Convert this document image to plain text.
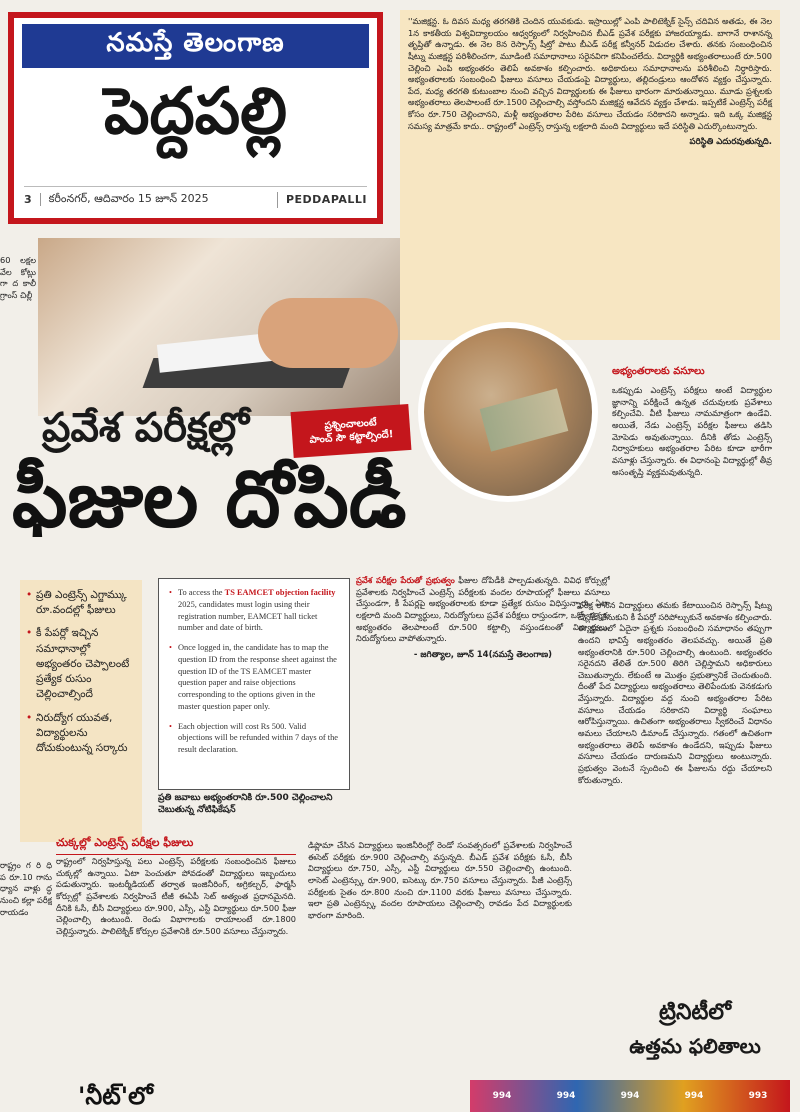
నమస్తే తెలంగాణ
పెద్దపల్లి
3	కరీంనగర్, ఆదివారం 15 జూన్ 2025	PEDDAPALLI

''మజిక్షన్ట. ఓ దివస మధ్య తరగతికి చెందిన యువకుడు. ఇస్రాయిల్లో ఎంపి పాలిటెక్నిక్ సైన్స్ చదివిన అతడు, ఈ నెల 1న కాకతీయ విశ్వవిద్యాలయం ఆధ్వర్యంలో నిర్వహించిన బీఎడ్ ప్రవేశ పరీక్షకు హాజరయ్యాడు. బాగానే రాశానన్న తృప్తితో ఉన్నాడు. ఈ నెల 8న రెస్పాన్స్ షీట్తో పాటు బీఎడ్ పరీక్ష కన్వీనర్ విడుదల చేశారు. తనకు సంబంధించిన షీట్ను మజిక్షన్ట పరిశీలించగా, మూడింటి సమాధానాలు సరైనవిగా కనిపించలేదు. విద్యార్థికి అభ్యంతరాలుంటే రూ.500 చెల్లించి ఎంపి అభ్యంతరం తెలిపే అవకాశం కల్పించారు. అధికారులు సమాధానాలను పరిశీలించి నిర్ధారిస్తారు. అభ్యంతరాలకు సంబంధించి ఫీజులు వసూలు చేయడంపై విద్యార్థులు, తల్లిదండ్రులు ఆందోళన వ్యక్తం చేస్తున్నారు. పేద, మధ్య తరగతి కుటుంబాల నుంచి వచ్చిన విద్యార్థులకు ఈ ఫీజులు భారంగా మారుతున్నాయి. మూడు ప్రశ్నలకు అభ్యంతరాలు తెలపాలంటే రూ.1500 చెల్లించాల్సి వస్తోందని మజిక్షన్ట ఆవేదన వ్యక్తం చేశాడు. ఇప్పటికే ఎంట్రెన్స్ పరీక్ష కోసం రూ.750 చెల్లించానని, మళ్లీ అభ్యంతరాల పేరిట వసూలు చేయడం సరికాదని అన్నాడు. ఇది ఒక్క మజిక్షన్ట సమస్య మాత్రమే కాదు.. రాష్ట్రంలో ఎంట్రెన్స్ రాస్తున్న లక్షలాది మంది విద్యార్థులు ఇదే పరిస్థితి ఎదుర్కొంటున్నారు.

పరిస్థితి ఎదురవుతున్నది.

60 లక్షల వేల కోట్లు గా ద కాలీ గ్రాంస్ చిల్లీ

ప్రశ్నించాలంటే
పాంచ్ సౌ కట్టాల్సిందే!
ప్రవేశ పరీక్షల్లో
ఫీజుల దోపిడీ
అభ్యంతరాలకు వసూలు

ఒకప్పుడు ఎంట్రెన్స్ పరీక్షలు అంటే విద్యార్థుల జ్ఞానాన్ని పరీక్షించే ఉన్నత చదువులకు ప్రవేశాలు కల్పించేవి. వీటి ఫీజులు నామమాత్రంగా ఉండేవి. అయితే, నేడు ఎంట్రెన్స్ పరీక్షల ఫీజులు తడిసి మోపెడు అవుతున్నాయి. దీనికి తోడు ఎంట్రెన్స్ నిర్వాహకులు అభ్యంతరాల పేరిట కూడా భారీగా వసూళ్లు చేస్తున్నారు. ఈ విధానంపై విద్యార్థుల్లో తీవ్ర అసంతృప్తి వ్యక్తమవుతున్నది.

• ప్రతి ఎంట్రెన్స్ ఎగ్జామ్కు రూ.వందల్లో ఫీజులు
• కీ పేపర్లో ఇచ్చిన సమాధానాల్లో అభ్యంతరం చెప్పాలంటే ప్రత్యేక రుసుం చెల్లించాల్సిందే
• నిరుద్యోగ యువత, విద్యార్థులను దోచుకుంటున్న సర్కారు
• To access the TS EAMCET objection facility 2025, candidates must login using their registration number, EAMCET hall ticket number and date of birth.
• Once logged in, the candidate has to map the question ID from the response sheet against the question ID of the TS EAMCET master question paper and raise objections corresponding to the options given in the master question paper only.
• Each objection will cost Rs 500. Valid objections will be refunded within 7 days of the result declaration.
ప్రతి జవాబు అభ్యంతరానికి రూ.500 చెల్లించాలని చెబుతున్న నోటిఫికేషన్

ప్రవేశ పరీక్షల పేరుతో ప్రభుత్వం ఫీజుల దోపిడీకి పాల్పడుతున్నది. వివిధ కోర్సుల్లో ప్రవేశాలకు నిర్వహించే ఎంట్రెన్స్ పరీక్షలకు వందల రూపాయల్లో ఫీజులు వసూలు చేస్తుండగా, కీ పేపర్లపై అభ్యంతరాలకు కూడా ప్రత్యేక రుసుం విధిస్తున్నారు. ఏటా లక్షలాది మంది విద్యార్థులు, నిరుద్యోగులు ప్రవేశ పరీక్షలు రాస్తుండగా, ఒక్కో ప్రశ్నకు అభ్యంతరం తెలపాలంటే రూ.500 కట్టాల్సి వస్తుండటంతో విద్యార్థులు, నిరుద్యోగులు వాపోతున్నారు.

- జగిత్యాల, జూన్ 14(నమస్తే తెలంగాణ)

పరీక్ష రాసిన విద్యార్థులు తమకు కేటాయించిన రెస్పాన్స్ షీట్ను డౌన్లోడ్ చేసుకుని కీ పేపర్తో సరిపోల్చుకునే అవకాశం కల్పించారు. ఈ క్రమంలో ఏదైనా ప్రశ్నకు సంబంధించి సమాధానం తప్పుగా ఉందని భావిస్తే అభ్యంతరం తెలపవచ్చు. అయితే ప్రతి అభ్యంతరానికి రూ.500 చెల్లించాల్సి ఉంటుంది. అభ్యంతరం సరైనదని తేలితే రూ.500 తిరిగి చెల్లిస్తామని అధికారులు చెబుతున్నారు. లేకుంటే ఆ మొత్తం ప్రభుత్వానికే చెందుతుంది. దీంతో పేద విద్యార్థులు అభ్యంతరాలు తెలిపేందుకు వెనకడుగు వేస్తున్నారు. విద్యార్థుల వద్ద నుంచి అభ్యంతరాల పేరిట వసూలు చేయడం సరికాదని విద్యార్థి సంఘాలు ఆరోపిస్తున్నాయి. ఉచితంగా అభ్యంతరాలు స్వీకరించే విధానం అమలు చేయాలని డిమాండ్ చేస్తున్నారు. గతంలో ఉచితంగా అభ్యంతరాలు తెలిపే అవకాశం ఉండేదని, ఇప్పుడు ఫీజులు వసూలు చేయడం దారుణమని విద్యార్థులు అంటున్నారు. ప్రభుత్వం వెంటనే స్పందించి ఈ ఫీజులను రద్దు చేయాలని కోరుతున్నారు.

చుక్కల్లో ఎంట్రెన్స్ పరీక్షల ఫీజులు

రాష్ట్రంలో నిర్వహిస్తున్న పలు ఎంట్రెన్స్ పరీక్షలకు సంబంధించిన ఫీజులు చుక్కల్లో ఉన్నాయి. ఏటా పెంచుతూ పోవడంతో విద్యార్థులు ఇబ్బందులు పడుతున్నారు. ఇంటర్మీడియట్ తర్వాత ఇంజినీరింగ్, అగ్రికల్చర్, ఫార్మసీ కోర్సుల్లో ప్రవేశాలకు నిర్వహించే టీజీ ఈఏపీ సెట్ అత్యంత ప్రధానమైనది. దీనికి ఓసీ, బీసీ విద్యార్థులు రూ.900, ఎస్సీ, ఎస్టీ విద్యార్థులు రూ.500 ఫీజు చెల్లించాల్సి ఉంటుంది. రెండు విభాగాలకు రాయాలంటే రూ.1800 చెల్లిస్తున్నారు. పాలిటెక్నిక్ కోర్సుల ప్రవేశానికి రూ.500 వసూలు చేస్తున్నారు.

డిప్లొమా చేసిన విద్యార్థులు ఇంజినీరింగ్లో రెండో సంవత్సరంలో ప్రవేశాలకు నిర్వహించే ఈసెట్ పరీక్షకు రూ.900 చెల్లించాల్సి వస్తున్నది. బీఎడ్ ప్రవేశ పరీక్షకు ఓసీ, బీసీ విద్యార్థులు రూ.750, ఎస్సీ, ఎస్టీ విద్యార్థులు రూ.550 చెల్లించాల్సి ఉంటుంది. లాసెట్ ఎంట్రెన్స్కు రూ.900, ఐసెట్కు రూ.750 వసూలు చేస్తున్నారు. పీజీ ఎంట్రెన్స్ పరీక్షలకు సైతం రూ.800 నుంచి రూ.1100 వరకు ఫీజులు వసూలు చేస్తున్నారు. ఇలా ప్రతి ఎంట్రెన్స్కు వందల రూపాయలు చెల్లించాల్సి రావడం పేద విద్యార్థులకు భారంగా మారింది.

రాష్ట్రం గ రి ధి ప రూ.10 గాను ధ్యాన వాళ్లు ద్ధ నుంచి కల్లా పరీక్ష రాయడం

'నీట్'లో
ట్రినిటీలో
ఉత్తమ ఫలితాలు
994	994	994	994	993
